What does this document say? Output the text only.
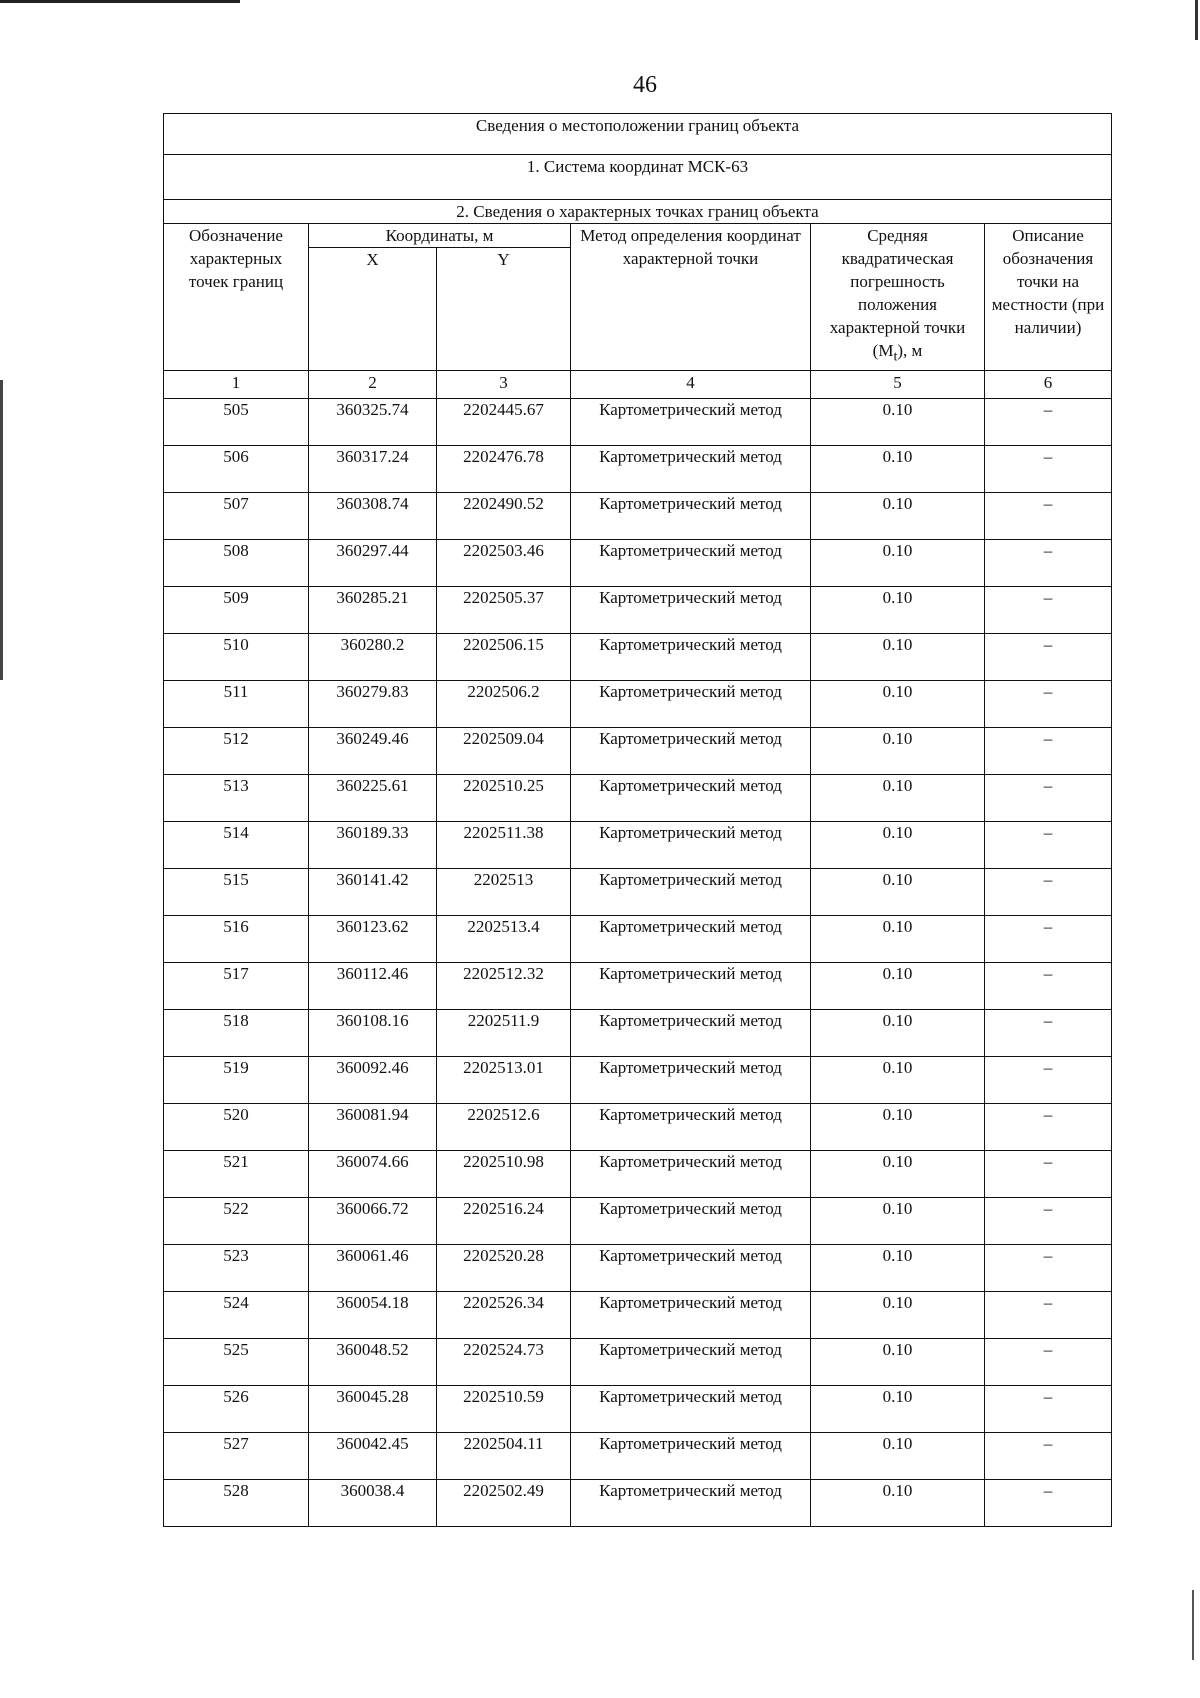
46
Сведения о местоположении границ объекта					
1. Система координат МСК-63					
2. Сведения о характерных точках границ объекта					
Обозначение характерных точек границ	Координаты, м		Метод определения координат характерной точки	Средняя квадратическая погрешность положения характерной точки $(M_t)$, м	Описание обозначения точки на местности (при наличии)
	X	Y			
1	2	3	4	5	6
505	360325.74	2202445.67	Картометрический метод	0.10	–
506	360317.24	2202476.78	Картометрический метод	0.10	–
507	360308.74	2202490.52	Картометрический метод	0.10	–
508	360297.44	2202503.46	Картометрический метод	0.10	–
509	360285.21	2202505.37	Картометрический метод	0.10	–
510	360280.2	2202506.15	Картометрический метод	0.10	–
511	360279.83	2202506.2	Картометрический метод	0.10	–
512	360249.46	2202509.04	Картометрический метод	0.10	–
513	360225.61	2202510.25	Картометрический метод	0.10	–
514	360189.33	2202511.38	Картометрический метод	0.10	–
515	360141.42	2202513	Картометрический метод	0.10	–
516	360123.62	2202513.4	Картометрический метод	0.10	–
517	360112.46	2202512.32	Картометрический метод	0.10	–
518	360108.16	2202511.9	Картометрический метод	0.10	–
519	360092.46	2202513.01	Картометрический метод	0.10	–
520	360081.94	2202512.6	Картометрический метод	0.10	–
521	360074.66	2202510.98	Картометрический метод	0.10	–
522	360066.72	2202516.24	Картометрический метод	0.10	–
523	360061.46	2202520.28	Картометрический метод	0.10	–
524	360054.18	2202526.34	Картометрический метод	0.10	–
525	360048.52	2202524.73	Картометрический метод	0.10	–
526	360045.28	2202510.59	Картометрический метод	0.10	–
527	360042.45	2202504.11	Картометрический метод	0.10	–
528	360038.4	2202502.49	Картометрический метод	0.10	–
